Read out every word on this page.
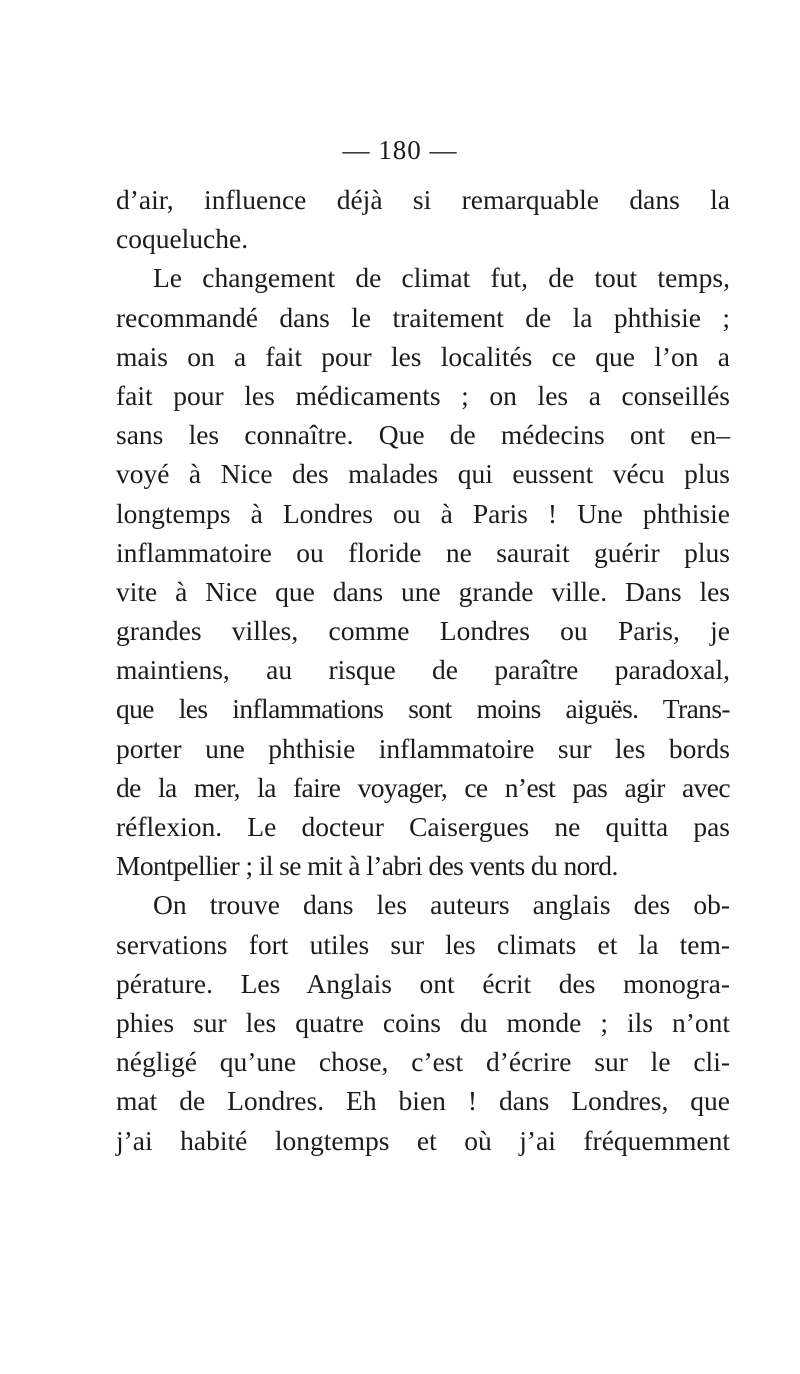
— 180 —
d’air, influence déjà si remarquable dans la
coqueluche.
Le changement de climat fut, de tout temps,
recommandé dans le traitement de la phthisie ;
mais on a fait pour les localités ce que l’on a
fait pour les médicaments ; on les a conseillés
sans les connaître. Que de médecins ont en–
voyé à Nice des malades qui eussent vécu plus
longtemps à Londres ou à Paris ! Une phthisie
inflammatoire ou floride ne saurait guérir plus
vite à Nice que dans une grande ville. Dans les
grandes villes, comme Londres ou Paris, je
maintiens, au risque de paraître paradoxal,
que les inflammations sont moins aiguës. Trans-
porter une phthisie inflammatoire sur les bords
de la mer, la faire voyager, ce n’est pas agir avec
réflexion. Le docteur Caisergues ne quitta pas
Montpellier ; il se mit à l’abri des vents du nord.
On trouve dans les auteurs anglais des ob-
servations fort utiles sur les climats et la tem-
pérature. Les Anglais ont écrit des monogra-
phies sur les quatre coins du monde ; ils n’ont
négligé qu’une chose, c’est d’écrire sur le cli-
mat de Londres. Eh bien ! dans Londres, que
j’ai habité longtemps et où j’ai fréquemment
